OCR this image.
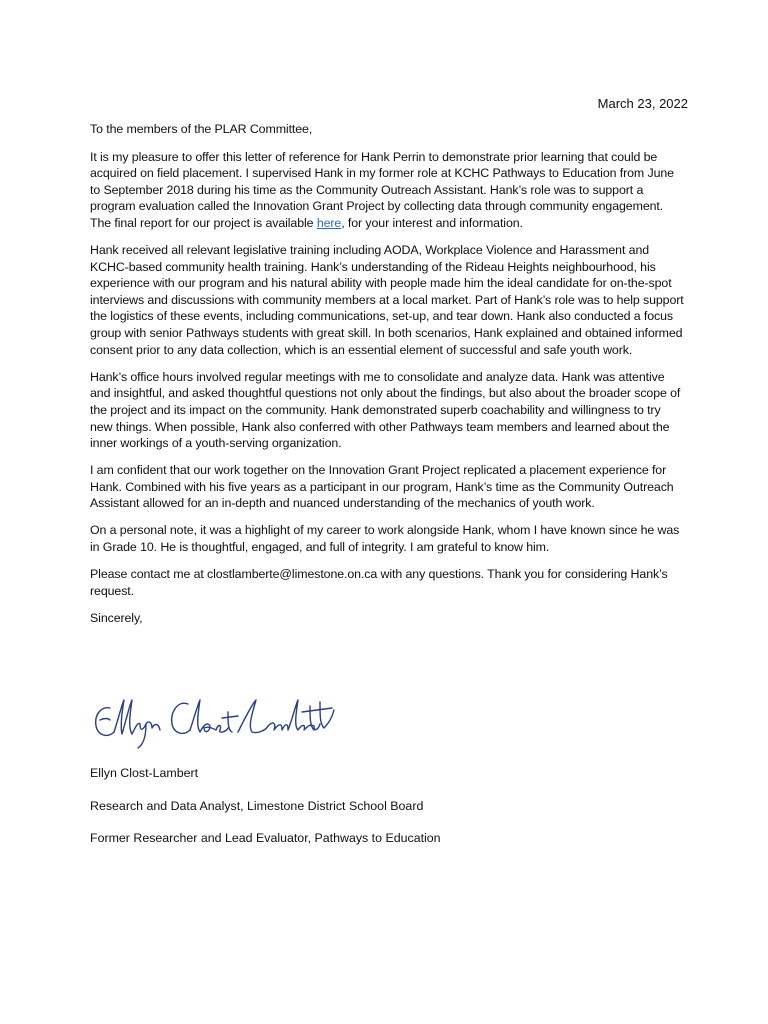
March 23, 2022

To the members of the PLAR Committee,

It is my pleasure to offer this letter of reference for Hank Perrin to demonstrate prior learning that could be acquired on field placement. I supervised Hank in my former role at KCHC Pathways to Education from June to September 2018 during his time as the Community Outreach Assistant. Hank’s role was to support a program evaluation called the Innovation Grant Project by collecting data through community engagement. The final report for our project is available here, for your interest and information.

Hank received all relevant legislative training including AODA, Workplace Violence and Harassment and KCHC-based community health training. Hank’s understanding of the Rideau Heights neighbourhood, his experience with our program and his natural ability with people made him the ideal candidate for on-the-spot interviews and discussions with community members at a local market. Part of Hank’s role was to help support the logistics of these events, including communications, set-up, and tear down. Hank also conducted a focus group with senior Pathways students with great skill. In both scenarios, Hank explained and obtained informed consent prior to any data collection, which is an essential element of successful and safe youth work.

Hank’s office hours involved regular meetings with me to consolidate and analyze data. Hank was attentive and insightful, and asked thoughtful questions not only about the findings, but also about the broader scope of the project and its impact on the community. Hank demonstrated superb coachability and willingness to try new things. When possible, Hank also conferred with other Pathways team members and learned about the inner workings of a youth-serving organization.

I am confident that our work together on the Innovation Grant Project replicated a placement experience for Hank. Combined with his five years as a participant in our program, Hank’s time as the Community Outreach Assistant allowed for an in-depth and nuanced understanding of the mechanics of youth work.

On a personal note, it was a highlight of my career to work alongside Hank, whom I have known since he was in Grade 10. He is thoughtful, engaged, and full of integrity. I am grateful to know him.

Please contact me at clostlamberte@limestone.on.ca with any questions. Thank you for considering Hank’s request.

Sincerely,

Ellyn Clost-Lambert

Research and Data Analyst, Limestone District School Board

Former Researcher and Lead Evaluator, Pathways to Education
